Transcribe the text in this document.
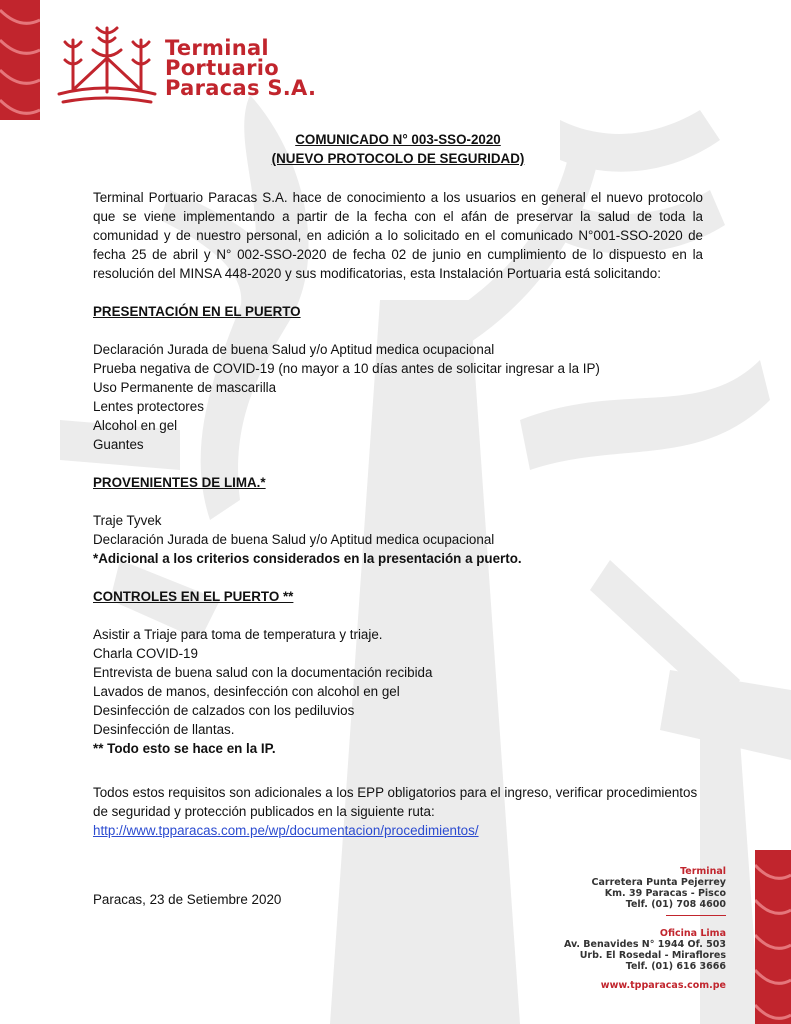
Terminal
Portuario
Paracas S.A.
COMUNICADO N° 003-SSO-2020
(NUEVO PROTOCOLO DE SEGURIDAD)
Terminal Portuario Paracas S.A. hace de conocimiento a los usuarios en general el nuevo protocolo que se viene implementando a partir de la fecha con el afán de preservar la salud de toda la comunidad y de nuestro personal, en adición a lo solicitado en el comunicado N°001-SSO-2020 de fecha 25 de abril y N° 002-SSO-2020 de fecha 02 de junio en cumplimiento de lo dispuesto en la resolución del MINSA 448-2020 y sus modificatorias, esta Instalación Portuaria está solicitando:
PRESENTACIÓN EN EL PUERTO
Declaración Jurada de buena Salud y/o Aptitud medica ocupacional
Prueba negativa de COVID-19 (no mayor a 10 días antes de solicitar ingresar a la IP)
Uso Permanente de mascarilla
Lentes protectores
Alcohol en gel
Guantes
PROVENIENTES DE LIMA.*
Traje Tyvek
Declaración Jurada de buena Salud y/o Aptitud medica ocupacional
*Adicional a los criterios considerados en la presentación a puerto.
CONTROLES EN EL PUERTO **
Asistir a Triaje para toma de temperatura y triaje.
Charla COVID-19
Entrevista de buena salud con la documentación recibida
Lavados de manos, desinfección con alcohol en gel
Desinfección de calzados con los pediluvios
Desinfección de llantas.
** Todo esto se hace en la IP.
Todos estos requisitos son adicionales a los EPP obligatorios para el ingreso, verificar procedimientos de seguridad y protección publicados en la siguiente ruta:
http://www.tpparacas.com.pe/wp/documentacion/procedimientos/
Paracas, 23 de Setiembre 2020
Terminal
Carretera Punta Pejerrey
Km. 39 Paracas - Pisco
Telf. (01) 708 4600
Oficina Lima
Av. Benavides N° 1944 Of. 503
Urb. El Rosedal - Miraflores
Telf. (01) 616 3666
www.tpparacas.com.pe
